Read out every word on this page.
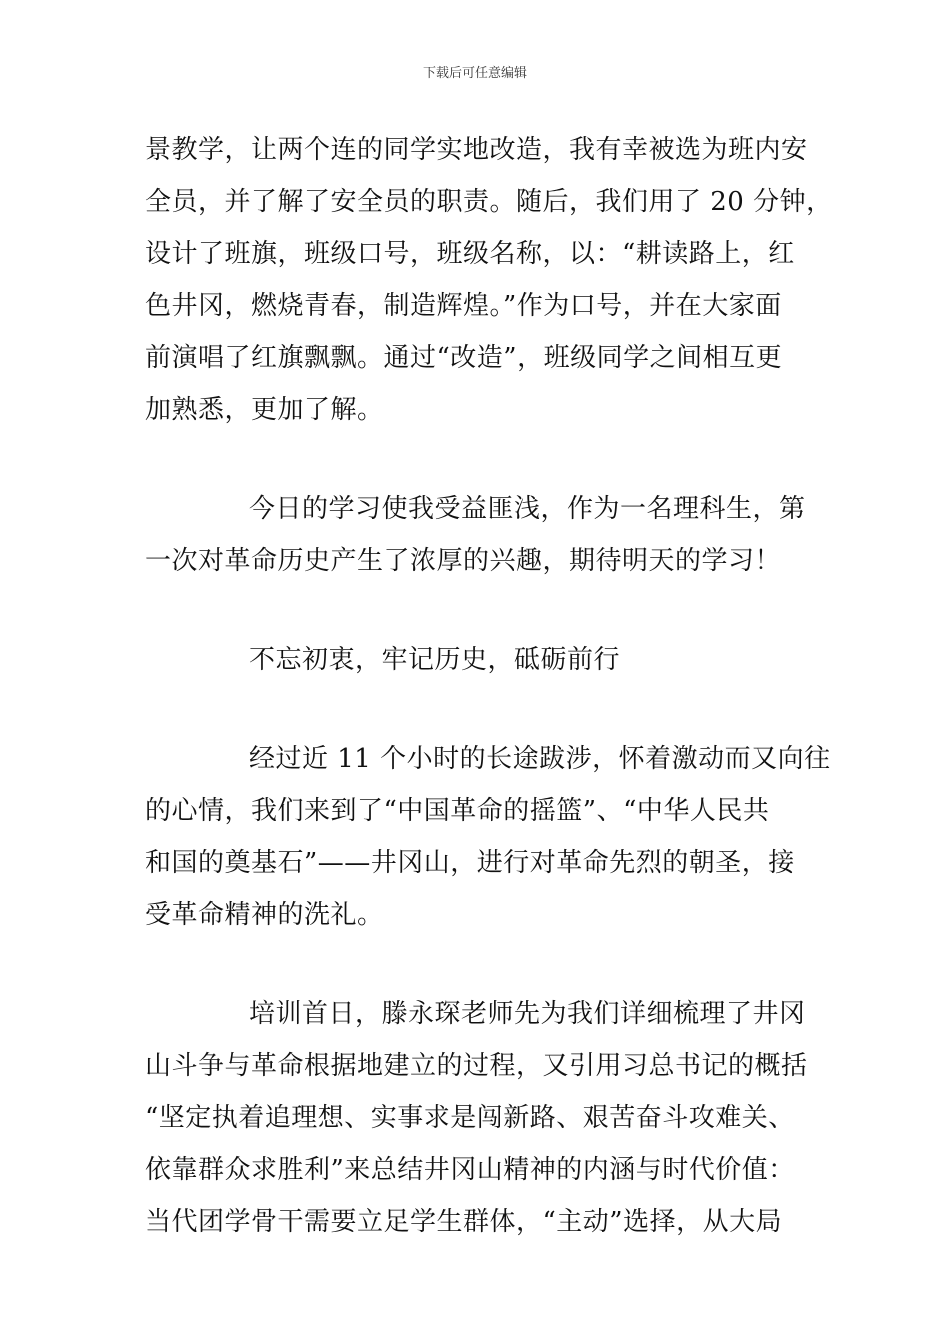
下载后可任意编辑
景教学，让两个连的同学实地改造，我有幸被选为班内安
全员，并了解了安全员的职责。随后，我们用了 20 分钟，
设计了班旗，班级口号，班级名称，以：“耕读路上，红
色井冈，燃烧青春，制造辉煌。”作为口号，并在大家面
前演唱了红旗飘飘。通过“改造”，班级同学之间相互更
加熟悉，更加了解。
今日的学习使我受益匪浅，作为一名理科生，第
一次对革命历史产生了浓厚的兴趣，期待明天的学习！
不忘初衷，牢记历史，砥砺前行
经过近 11 个小时的长途跋涉，怀着激动而又向往
的心情，我们来到了“中国革命的摇篮”、“中华人民共
和国的奠基石”——井冈山，进行对革命先烈的朝圣，接
受革命精神的洗礼。
培训首日，滕永琛老师先为我们详细梳理了井冈
山斗争与革命根据地建立的过程，又引用习总书记的概括
“坚定执着追理想、实事求是闯新路、艰苦奋斗攻难关、
依靠群众求胜利”来总结井冈山精神的内涵与时代价值：
当代团学骨干需要立足学生群体，“主动”选择，从大局
